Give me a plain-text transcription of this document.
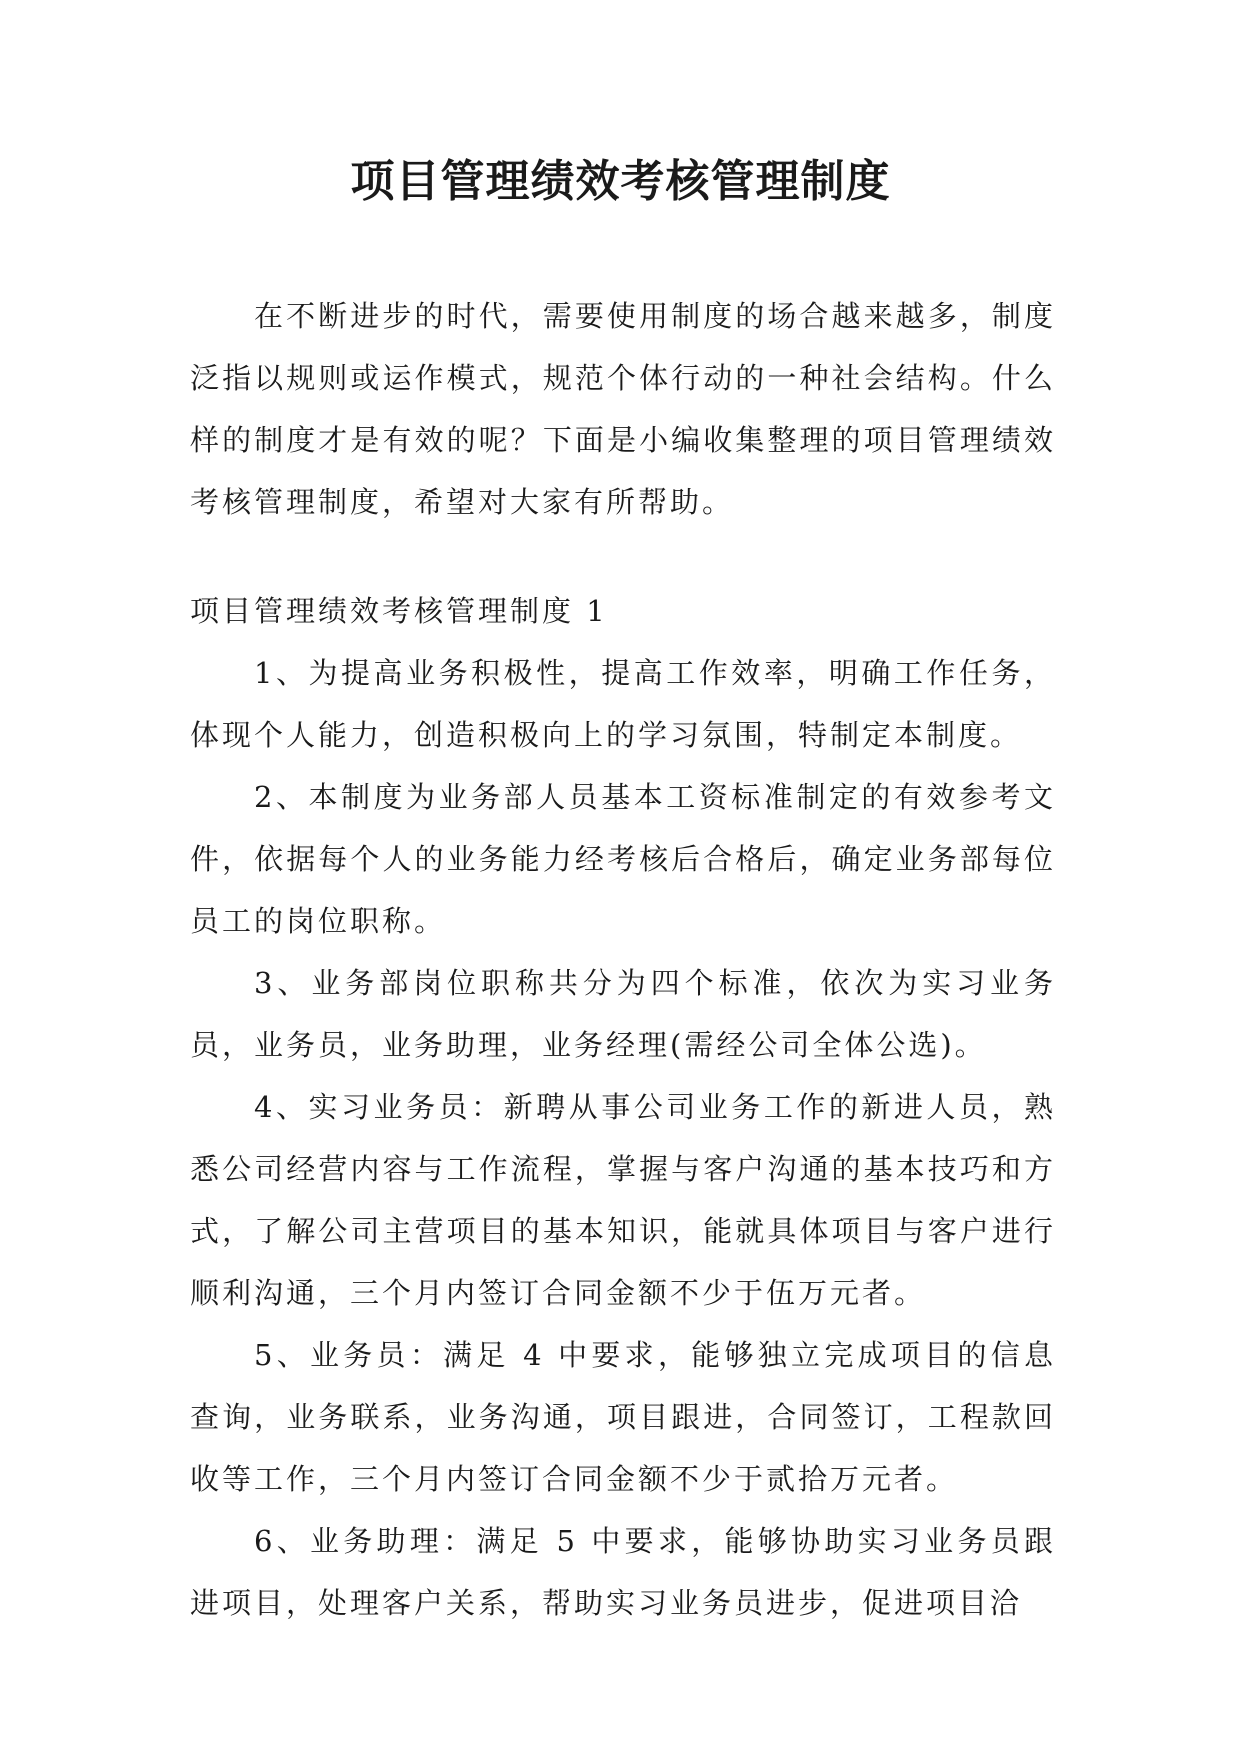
项目管理绩效考核管理制度

在不断进步的时代，需要使用制度的场合越来越多，制度泛指以规则或运作模式，规范个体行动的一种社会结构。什么样的制度才是有效的呢？下面是小编收集整理的项目管理绩效考核管理制度，希望对大家有所帮助。

项目管理绩效考核管理制度 1

1、为提高业务积极性，提高工作效率，明确工作任务，体现个人能力，创造积极向上的学习氛围，特制定本制度。

2、本制度为业务部人员基本工资标准制定的有效参考文件，依据每个人的业务能力经考核后合格后，确定业务部每位员工的岗位职称。

3、业务部岗位职称共分为四个标准，依次为实习业务员，业务员，业务助理，业务经理(需经公司全体公选)。

4、实习业务员：新聘从事公司业务工作的新进人员，熟悉公司经营内容与工作流程，掌握与客户沟通的基本技巧和方式，了解公司主营项目的基本知识，能就具体项目与客户进行顺利沟通，三个月内签订合同金额不少于伍万元者。

5、业务员：满足 4 中要求，能够独立完成项目的信息查询，业务联系，业务沟通，项目跟进，合同签订，工程款回收等工作，三个月内签订合同金额不少于贰拾万元者。

6、业务助理：满足 5 中要求，能够协助实习业务员跟进项目，处理客户关系，帮助实习业务员进步，促进项目洽
